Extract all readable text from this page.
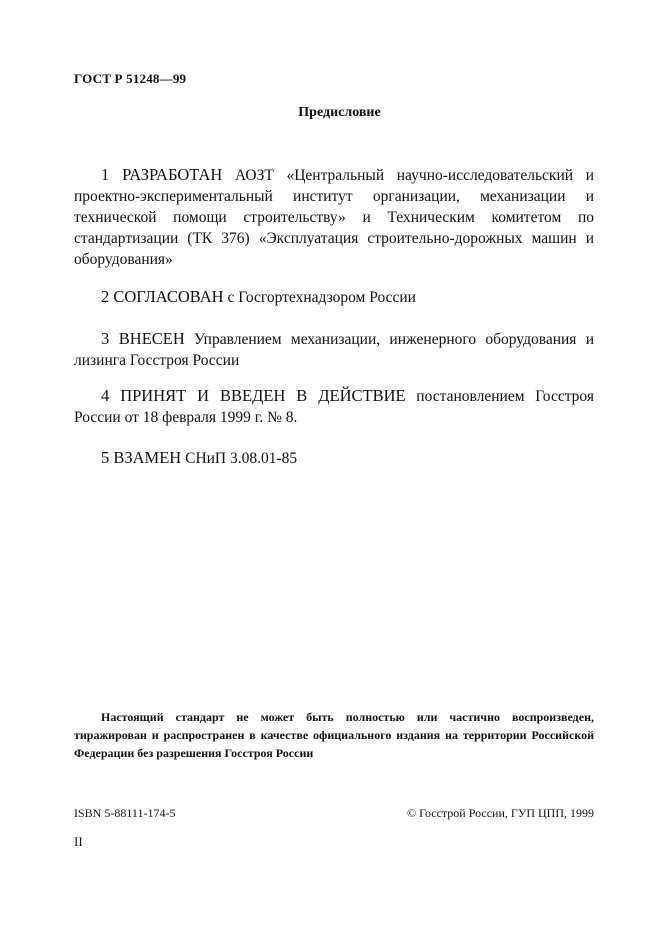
ГОСТ Р 51248—99
Предисловие
1 РАЗРАБОТАН АОЗТ «Центральный научно-исследовательский и проектно-экспериментальный институт организации, механизации и технической помощи строительству» и Техническим комитетом по стандартизации (ТК 376) «Эксплуатация строительно-дорожных машин и оборудования»
2 СОГЛАСОВАН с Госгортехнадзором России
3 ВНЕСЕН Управлением механизации, инженерного оборудования и лизинга Госстроя России
4 ПРИНЯТ И ВВЕДЕН В ДЕЙСТВИЕ постановлением Госстроя России от 18 февраля 1999 г. № 8.
5 ВЗАМЕН СНиП 3.08.01-85
Настоящий стандарт не может быть полностью или частично воспроизведен, тиражирован и распространен в качестве официального издания на территории Российской Федерации без разрешения Госстроя России
ISBN 5-88111-174-5	© Госстрой России, ГУП ЦПП, 1999
II
